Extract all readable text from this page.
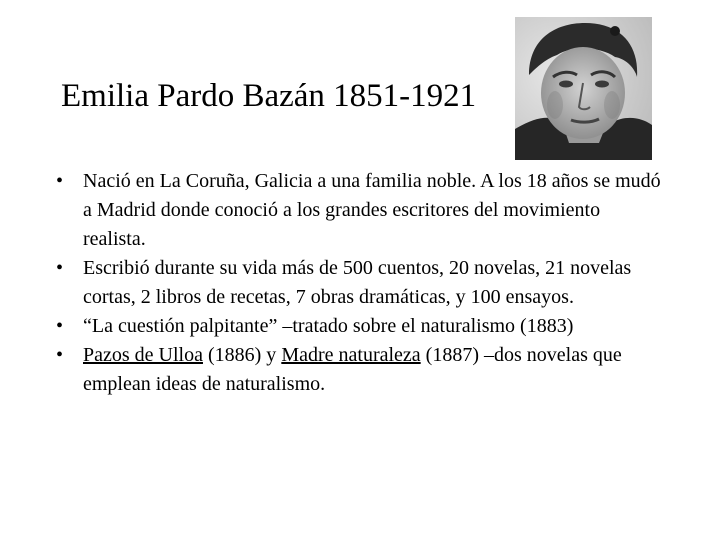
Emilia Pardo Bazán 1851-1921
• Nació en La Coruña, Galicia a una familia noble. A los 18 años se mudó a Madrid donde conoció a los grandes escritores del movimiento realista.
• Escribió durante su vida más de 500 cuentos, 20 novelas, 21 novelas cortas, 2 libros de recetas, 7 obras dramáticas, y 100 ensayos.
• “La cuestión palpitante” –tratado sobre el naturalismo (1883)
• Pazos de Ulloa (1886) y Madre naturaleza (1887) –dos novelas que emplean ideas de naturalismo.
